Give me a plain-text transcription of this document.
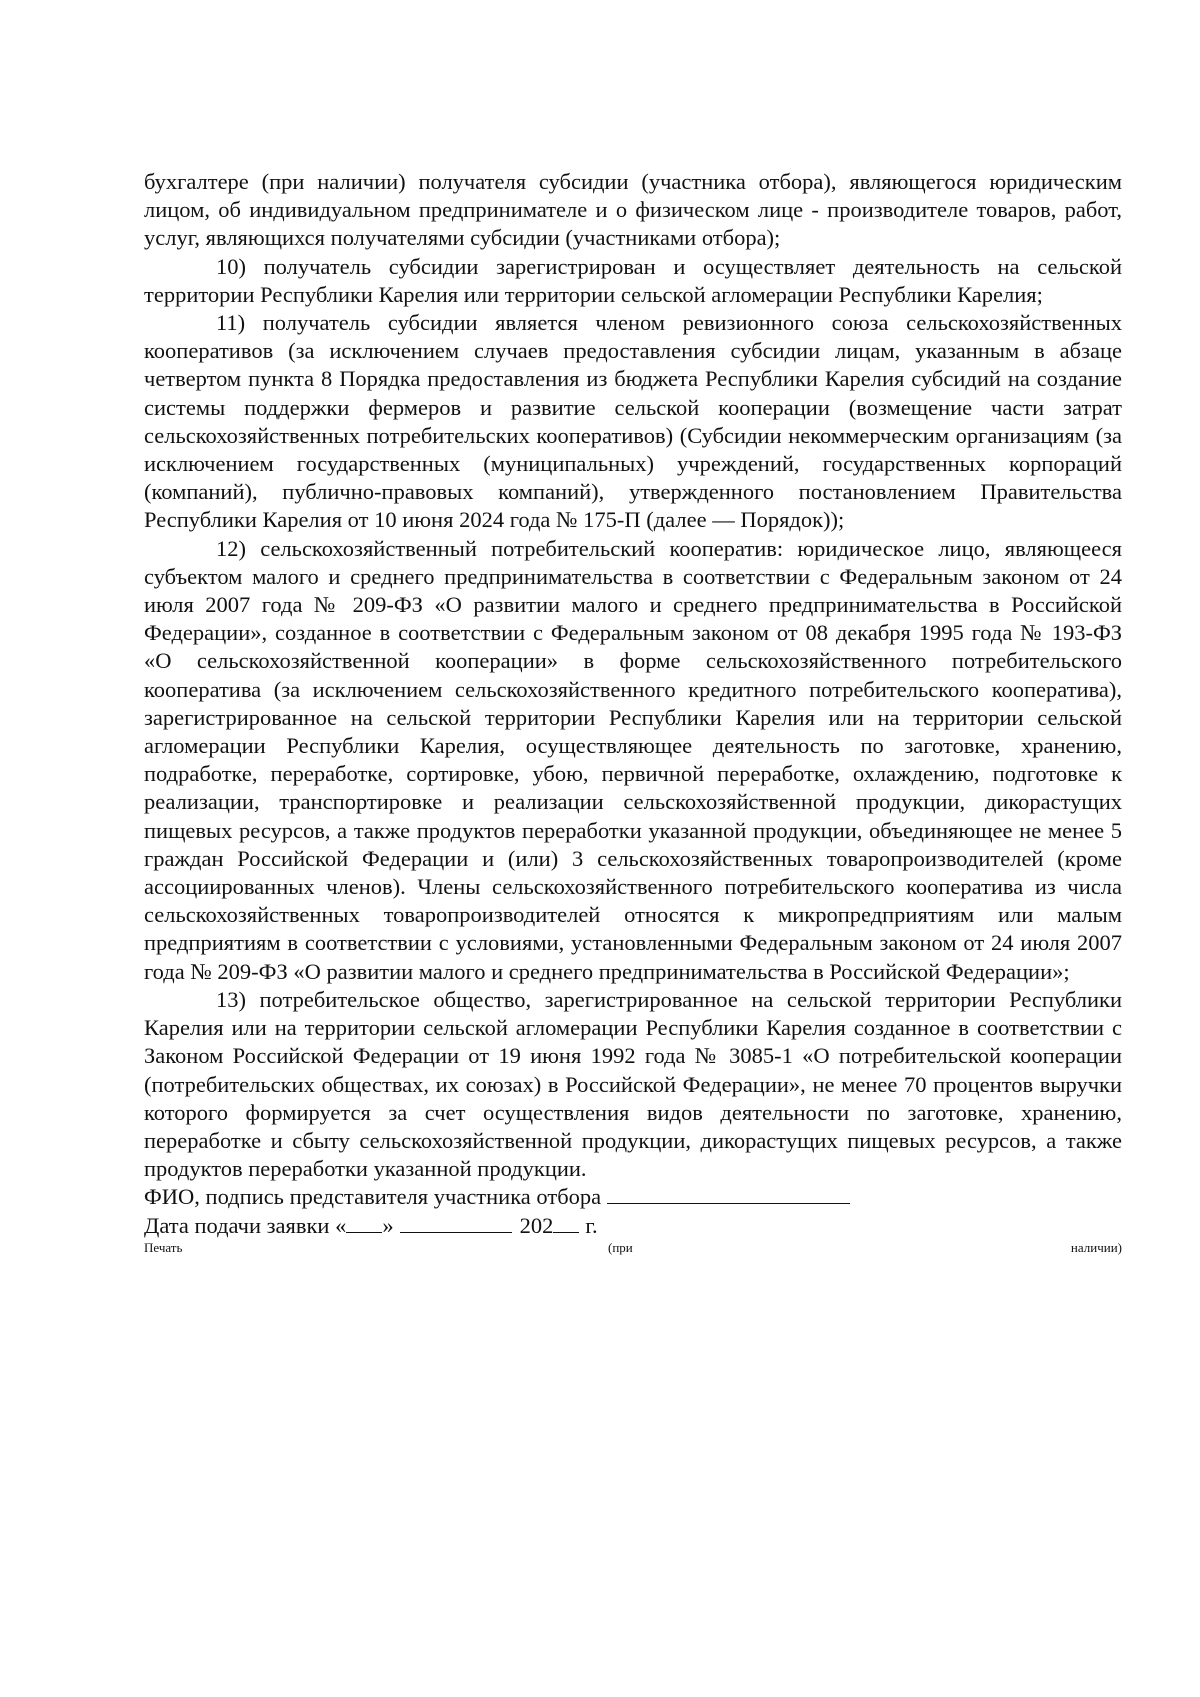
бухгалтере (при наличии) получателя субсидии (участника отбора), являющегося юридическим лицом, об индивидуальном предпринимателе и о физическом лице - производителе товаров, работ, услуг, являющихся получателями субсидии (участниками отбора);

10) получатель субсидии зарегистрирован и осуществляет деятельность на сельской территории Республики Карелия или территории сельской агломерации Республики Карелия;

11) получатель субсидии является членом ревизионного союза сельскохозяйственных кооперативов (за исключением случаев предоставления субсидии лицам, указанным в абзаце четвертом пункта 8 Порядка предоставления из бюджета Республики Карелия субсидий на создание системы поддержки фермеров и развитие сельской кооперации (возмещение части затрат сельскохозяйственных потребительских кооперативов) (Субсидии некоммерческим организациям (за исключением государственных (муниципальных) учреждений, государственных корпораций (компаний), публично-правовых компаний), утвержденного постановлением Правительства Республики Карелия от 10 июня 2024 года № 175-П (далее — Порядок));

12) сельскохозяйственный потребительский кооператив: юридическое лицо, являющееся субъектом малого и среднего предпринимательства в соответствии с Федеральным законом от 24 июля 2007 года № 209-ФЗ «О развитии малого и среднего предпринимательства в Российской Федерации», созданное в соответствии с Федеральным законом от 08 декабря 1995 года № 193-ФЗ «О сельскохозяйственной кооперации» в форме сельскохозяйственного потребительского кооператива (за исключением сельскохозяйственного кредитного потребительского кооператива), зарегистрированное на сельской территории Республики Карелия или на территории сельской агломерации Республики Карелия, осуществляющее деятельность по заготовке, хранению, подработке, переработке, сортировке, убою, первичной переработке, охлаждению, подготовке к реализации, транспортировке и реализации сельскохозяйственной продукции, дикорастущих пищевых ресурсов, а также продуктов переработки указанной продукции, объединяющее не менее 5 граждан Российской Федерации и (или) 3 сельскохозяйственных товаропроизводителей (кроме ассоциированных членов). Члены сельскохозяйственного потребительского кооператива из числа сельскохозяйственных товаропроизводителей относятся к микропредприятиям или малым предприятиям в соответствии с условиями, установленными Федеральным законом от 24 июля 2007 года № 209-ФЗ «О развитии малого и среднего предпринимательства в Российской Федерации»;

13) потребительское общество, зарегистрированное на сельской территории Республики Карелия или на территории сельской агломерации Республики Карелия созданное в соответствии с Законом Российской Федерации от 19 июня 1992 года № 3085-1 «О потребительской кооперации (потребительских обществах, их союзах) в Российской Федерации», не менее 70 процентов выручки которого формируется за счет осуществления видов деятельности по заготовке, хранению, переработке и сбыту сельскохозяйственной продукции, дикорастущих пищевых ресурсов, а также продуктов переработки указанной продукции.

ФИО, подпись представителя участника отбора

Дата подачи заявки « »	202 г.

Печать	(при	наличии)
